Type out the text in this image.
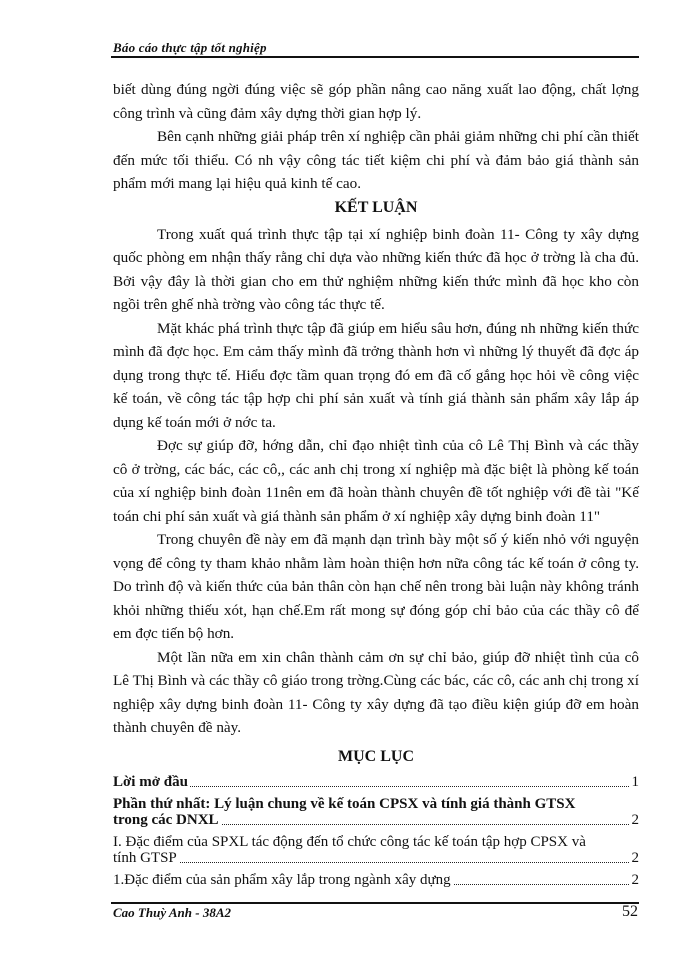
Báo cáo thực tập tốt nghiệp

biết dùng đúng ngời đúng việc sẽ góp phần nâng cao năng xuất lao động, chất lợng công trình và cũng đảm xây dựng thời gian hợp lý.

Bên cạnh những giải pháp trên xí nghiệp cần phải giảm những chi phí cần thiết đến mức tối thiểu. Có nh vậy công tác tiết kiệm chi phí và đảm bảo giá thành sản phẩm mới mang lại hiệu quả kinh tế cao.

KẾT LUẬN

Trong xuất quá trình thực tập tại xí nghiệp binh đoàn 11- Công ty xây dựng quốc phòng em nhận thấy rằng chỉ dựa vào những kiến thức đã học ở trờng là cha đủ. Bởi vậy đây là thời gian cho em thử nghiệm những kiến thức mình đã học kho còn ngồi trên ghế nhà trờng vào công tác thực tế.

Mặt khác phá trình thực tập đã giúp em hiểu sâu hơn, đúng nh những kiến thức mình đã đợc học. Em cảm thấy mình đã trởng thành hơn vì những lý thuyết đã đợc áp dụng trong thực tế. Hiểu đợc tầm quan trọng đó em đã cố gắng học hỏi về công việc kế toán, về công tác tập hợp chi phí sản xuất và tính giá thành sản phẩm xây lắp áp dụng kế toán mới ở nớc ta.

Đợc sự giúp đỡ, hớng dẫn, chỉ đạo nhiệt tình của cô Lê Thị Bình và các thầy cô ở trờng, các bác, các cô,, các anh chị trong xí nghiệp mà đặc biệt là phòng kế toán của xí nghiệp binh đoàn 11nên em đã hoàn thành chuyên đề tốt nghiệp với đề tài "Kế toán chi phí sản xuất và giá thành sản phẩm ở xí nghiệp xây dựng binh đoàn 11"

Trong chuyên đề này em đã mạnh dạn trình bày một số ý kiến nhỏ với nguyện vọng để công ty tham khảo nhằm làm hoàn thiện hơn nữa công tác kế toán ở công ty. Do trình độ và kiến thức của bản thân còn hạn chế nên trong bài luận này không tránh khỏi những thiếu xót, hạn chế.Em rất mong sự đóng góp chỉ bảo của các thầy cô để em đợc tiến bộ hơn.

Một lần nữa em xin chân thành cảm ơn sự chỉ bảo, giúp đỡ nhiệt tình của cô Lê Thị Bình và các thầy cô giáo trong trờng.Cùng các bác, các cô, các anh chị trong xí nghiệp xây dựng binh đoàn 11- Công ty xây dựng đã tạo điều kiện giúp đỡ em hoàn thành chuyên đề này.

MỤC LỤC
Lời mở đầu	1
Phần thứ nhất: Lý luận chung về kế toán CPSX và tính giá thành GTSX
trong các DNXL	2
I. Đặc điểm của SPXL tác động đến tổ chức công tác kế toán tập hợp CPSX và
tính GTSP	2
1.Đặc điểm của sản phẩm xây lắp trong ngành xây dựng	2
Cao Thuỳ Anh - 38A2	52
